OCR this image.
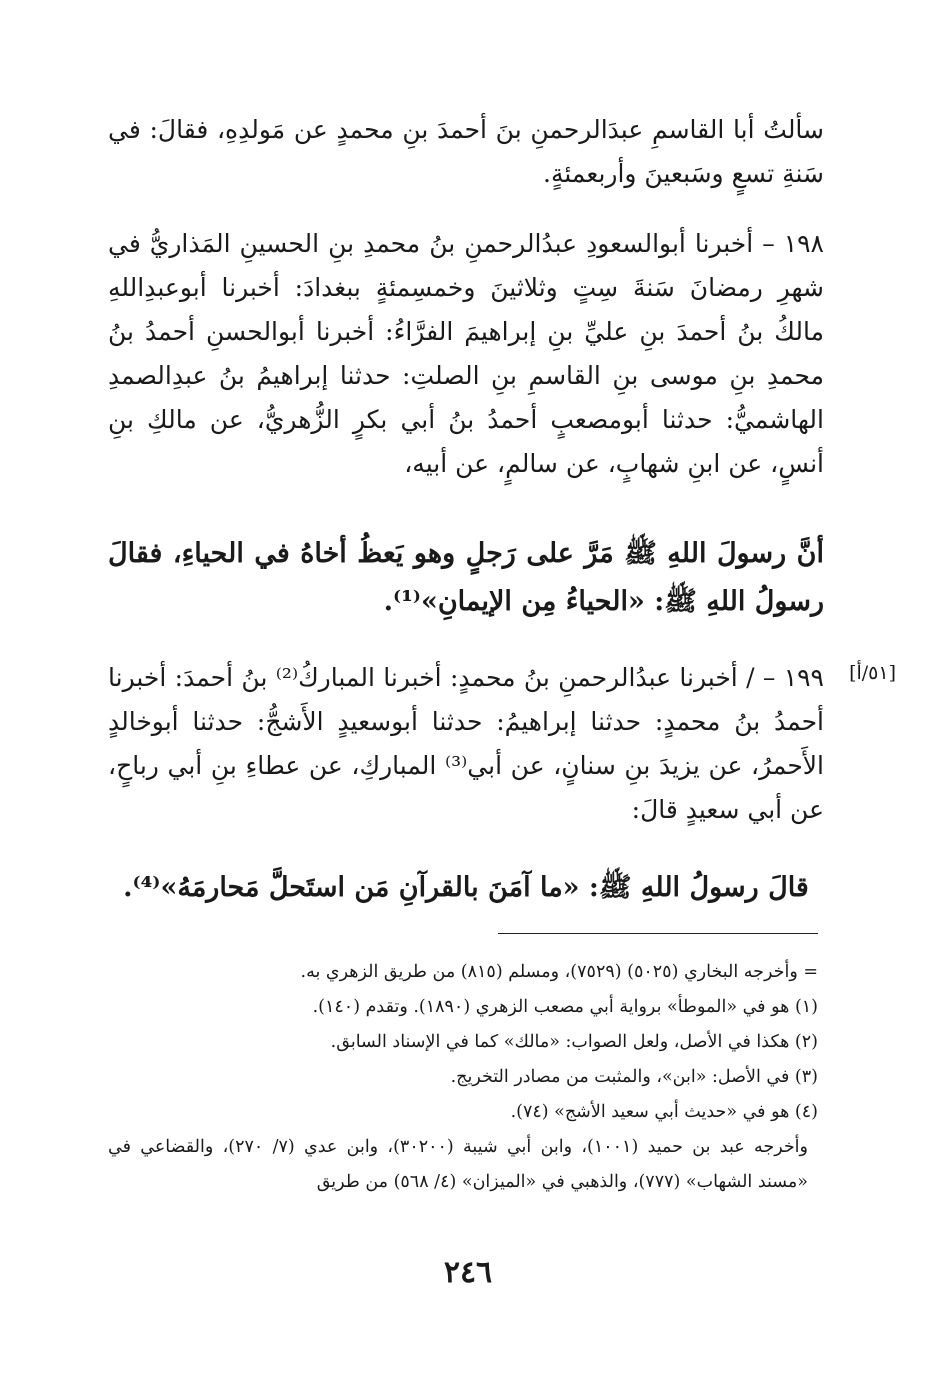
سألتُ أبا القاسمِ عبدَالرحمنِ بنَ أحمدَ بنِ محمدٍ عن مَولدِهِ، فقالَ: في سَنةِ تسعٍ وسَبعينَ وأربعمئةٍ.

١٩٨ – أخبرنا أبوالسعودِ عبدُالرحمنِ بنُ محمدِ بنِ الحسينِ المَذاريُّ في شهرِ رمضانَ سَنةَ سِتٍ وثلاثينَ وخمسِمئةٍ ببغدادَ: أخبرنا أبوعبدِاللهِ مالكُ بنُ أحمدَ بنِ عليِّ بنِ إبراهيمَ الفرَّاءُ: أخبرنا أبوالحسنِ أحمدُ بنُ محمدِ بنِ موسى بنِ القاسمِ بنِ الصلتِ: حدثنا إبراهيمُ بنُ عبدِالصمدِ الهاشميُّ: حدثنا أبومصعبٍ أحمدُ بنُ أبي بكرٍ الزُّهريُّ، عن مالكِ بنِ أنسٍ، عن ابنِ شهابٍ، عن سالمٍ، عن أبيه،

أنَّ رسولَ اللهِ ﷺ مَرَّ على رَجلٍ وهو يَعظُ أخاهُ في الحياءِ، فقالَ رسولُ اللهِ ﷺ: «الحياءُ مِن الإيمانِ»⁽¹⁾.

[٥١/أ]

١٩٩ – / أخبرنا عبدُالرحمنِ بنُ محمدٍ: أخبرنا المباركُ⁽²⁾ بنُ أحمدَ: أخبرنا أحمدُ بنُ محمدٍ: حدثنا إبراهيمُ: حدثنا أبوسعيدٍ الأَشجُّ: حدثنا أبوخالدٍ الأَحمرُ، عن يزيدَ بنِ سنانٍ، عن أبي⁽³⁾ المباركِ، عن عطاءِ بنِ أبي رباحٍ، عن أبي سعيدٍ قالَ:

قالَ رسولُ اللهِ ﷺ: «ما آمَنَ بالقرآنِ مَن استَحلَّ مَحارمَهُ»⁽⁴⁾.

= وأخرجه البخاري (٥٠٢٥) (٧٥٢٩)، ومسلم (٨١٥) من طريق الزهري به.

(١) هو في «الموطأ» برواية أبي مصعب الزهري (١٨٩٠). وتقدم (١٤٠).

(٢) هكذا في الأصل، ولعل الصواب: «مالك» كما في الإسناد السابق.

(٣) في الأصل: «ابن»، والمثبت من مصادر التخريج.

(٤) هو في «حديث أبي سعيد الأشج» (٧٤).

وأخرجه عبد بن حميد (١٠٠١)، وابن أبي شيبة (٣٠٢٠٠)، وابن عدي (٧/ ٢٧٠)، والقضاعي في «مسند الشهاب» (٧٧٧)، والذهبي في «الميزان» (٤/ ٥٦٨) من طريق

٢٤٦
